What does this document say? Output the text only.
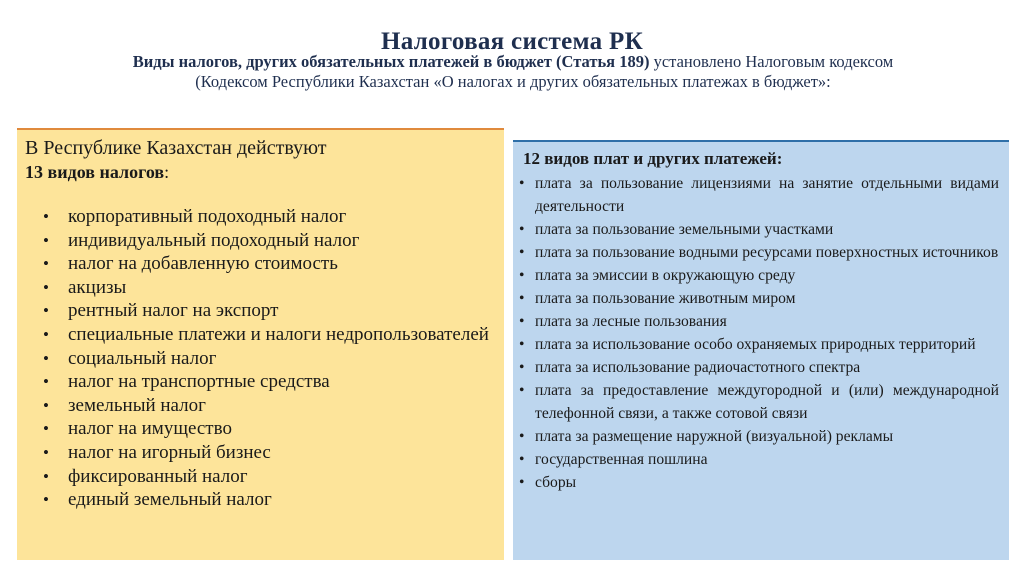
Налоговая система РК
Виды налогов, других обязательных платежей в бюджет (Статья 189) установлено Налоговым кодексом (Кодексом Республики Казахстан «О налогах и других обязательных платежах в бюджет»:
В Республике Казахстан действуют
13 видов налогов:
• корпоративный подоходный налог
• индивидуальный подоходный налог
• налог на добавленную стоимость
• акцизы
• рентный налог на экспорт
• специальные платежи и налоги недропользователей
• социальный налог
• налог на транспортные средства
• земельный налог
• налог на имущество
• налог на игорный бизнес
• фиксированный налог
• единый земельный налог
12 видов плат и других платежей:
• плата за пользование лицензиями на занятие отдельными видами деятельности
• плата за пользование земельными участками
• плата за пользование водными ресурсами поверхностных источников
• плата за эмиссии в окружающую среду
• плата за пользование животным миром
• плата за лесные пользования
• плата за использование особо охраняемых природных территорий
• плата за использование радиочастотного спектра
• плата за предоставление междугородной и (или) международной телефонной связи, а также сотовой связи
• плата за размещение наружной (визуальной) рекламы
• государственная пошлина
• сборы
